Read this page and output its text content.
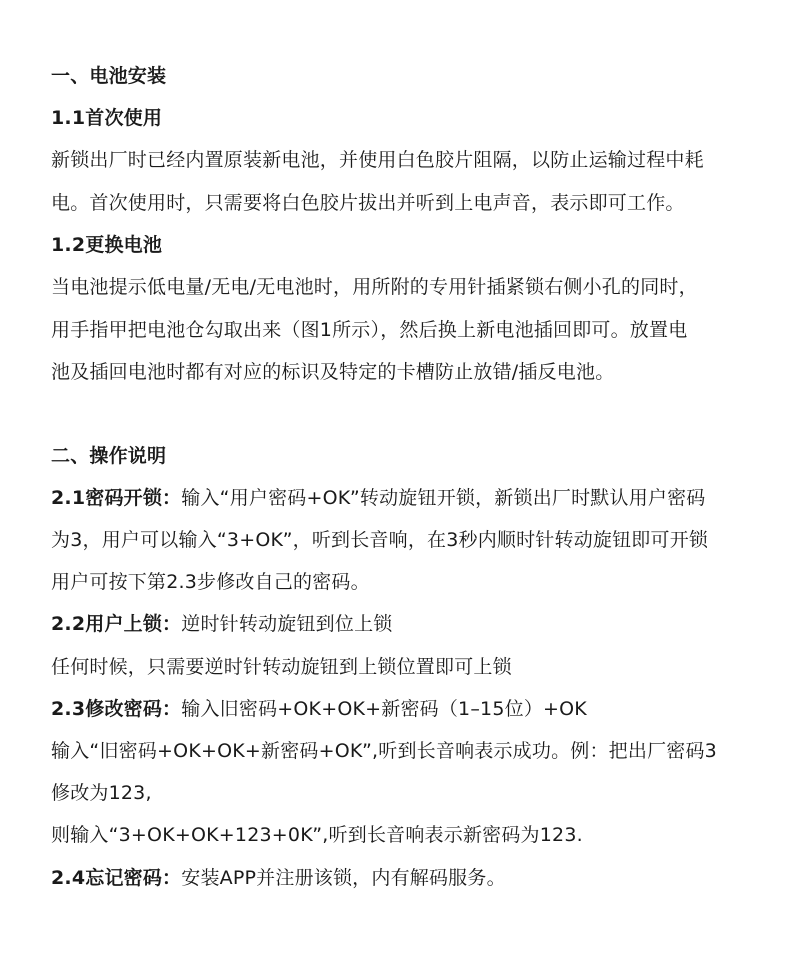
一、电池安装
1.1首次使用
新锁出厂时已经内置原装新电池，并使用白色胶片阻隔，以防止运输过程中耗
电。首次使用时，只需要将白色胶片拔出并听到上电声音，表示即可工作。
1.2更换电池
当电池提示低电量/无电/无电池时，用所附的专用针插紧锁右侧小孔的同时，
用手指甲把电池仓勾取出来（图1所示），然后换上新电池插回即可。放置电
池及插回电池时都有对应的标识及特定的卡槽防止放错/插反电池。
二、操作说明
2.1密码开锁：输入“用户密码+OK”转动旋钮开锁，新锁出厂时默认用户密码
为3，用户可以输入“3+OK”，听到长音响，在3秒内顺时针转动旋钮即可开锁
用户可按下第2.3步修改自己的密码。
2.2用户上锁：逆时针转动旋钮到位上锁
任何时候，只需要逆时针转动旋钮到上锁位置即可上锁
2.3修改密码：输入旧密码+OK+OK+新密码（1–15位）+OK
输入“旧密码+OK+OK+新密码+OK”,听到长音响表示成功。例：把出厂密码3
修改为123,
则输入“3+OK+OK+123+0K”,听到长音响表示新密码为123.
2.4忘记密码：安装APP并注册该锁，内有解码服务。
